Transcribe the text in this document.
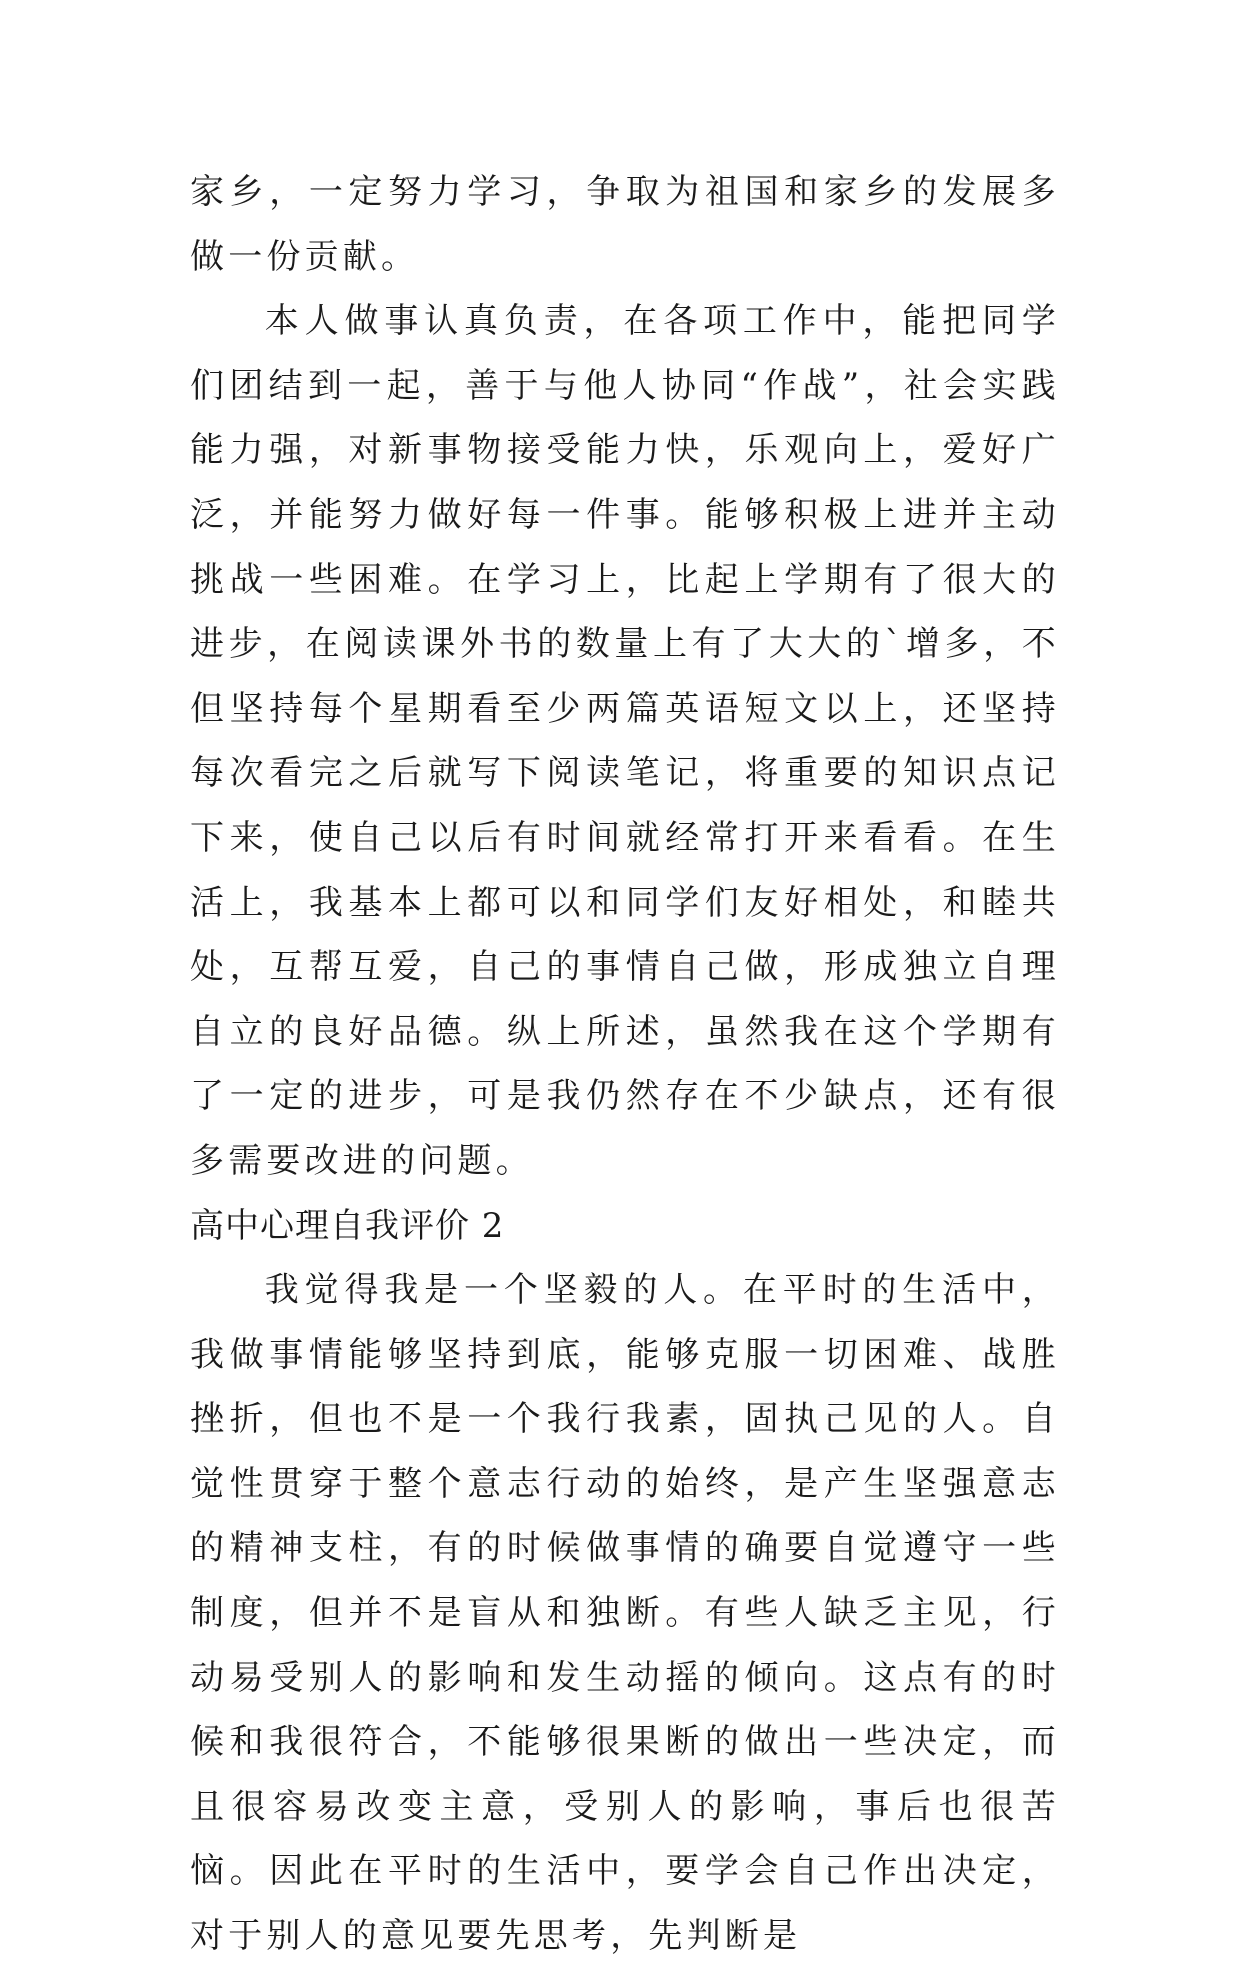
家乡，一定努力学习，争取为祖国和家乡的发展多做一份贡献。

本人做事认真负责，在各项工作中，能把同学们团结到一起，善于与他人协同“作战”，社会实践能力强，对新事物接受能力快，乐观向上，爱好广泛，并能努力做好每一件事。能够积极上进并主动挑战一些困难。在学习上，比起上学期有了很大的进步，在阅读课外书的数量上有了大大的`增多，不但坚持每个星期看至少两篇英语短文以上，还坚持每次看完之后就写下阅读笔记，将重要的知识点记下来，使自己以后有时间就经常打开来看看。在生活上，我基本上都可以和同学们友好相处，和睦共处，互帮互爱，自己的事情自己做，形成独立自理自立的良好品德。纵上所述，虽然我在这个学期有了一定的进步，可是我仍然存在不少缺点，还有很多需要改进的问题。

高中心理自我评价 2

我觉得我是一个坚毅的人。在平时的生活中，我做事情能够坚持到底，能够克服一切困难、战胜挫折，但也不是一个我行我素，固执己见的人。自觉性贯穿于整个意志行动的始终，是产生坚强意志的精神支柱，有的时候做事情的确要自觉遵守一些制度，但并不是盲从和独断。有些人缺乏主见，行动易受别人的影响和发生动摇的倾向。这点有的时候和我很符合，不能够很果断的做出一些决定，而且很容易改变主意，受别人的影响，事后也很苦恼。因此在平时的生活中，要学会自己作出决定，对于别人的意见要先思考，先判断是
